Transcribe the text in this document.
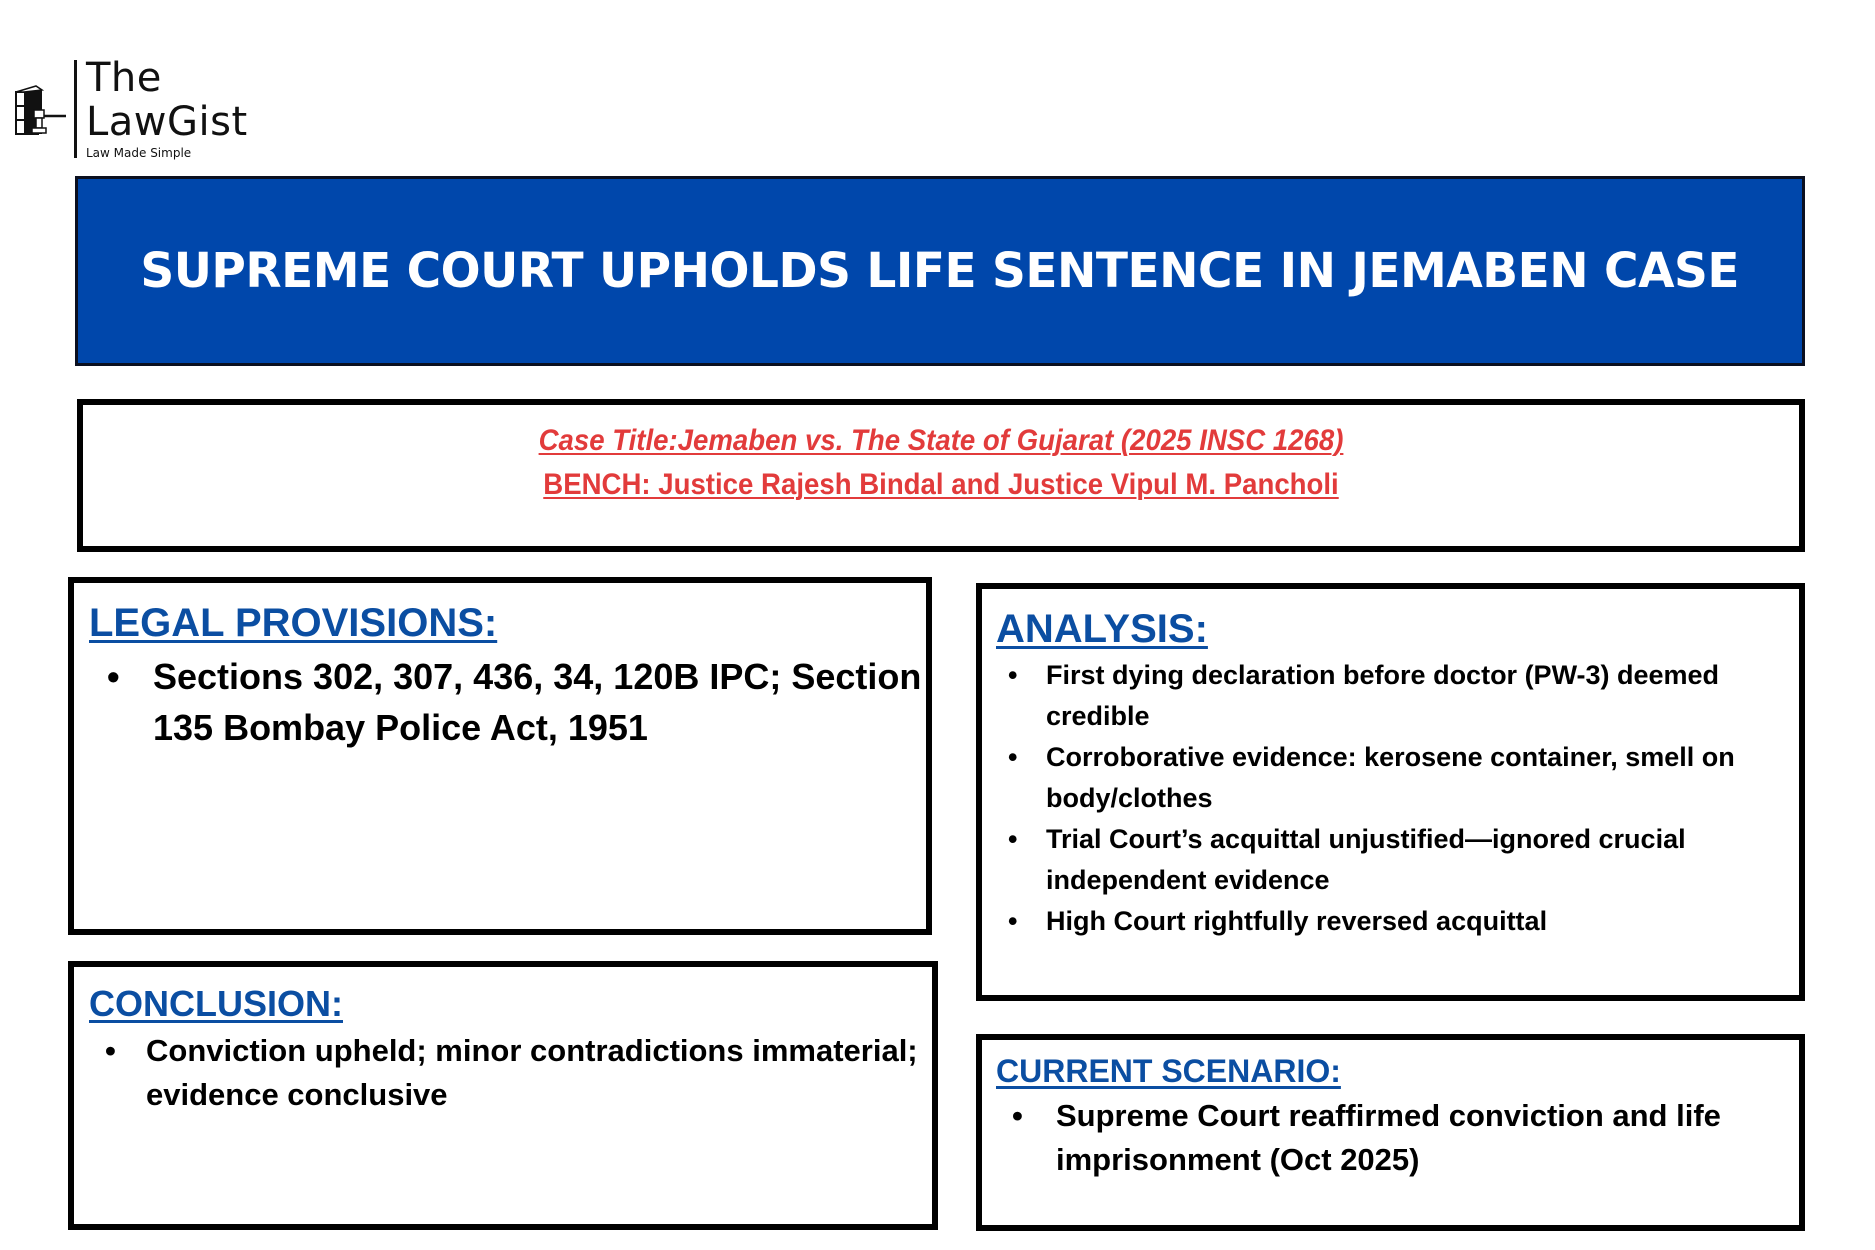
The
LawGist
Law Made Simple
SUPREME COURT UPHOLDS LIFE SENTENCE IN JEMABEN CASE
Case Title:Jemaben vs. The State of Gujarat (2025 INSC 1268)
BENCH: Justice Rajesh Bindal and Justice Vipul M. Pancholi
LEGAL PROVISIONS:
• Sections 302, 307, 436, 34, 120B IPC; Section 135 Bombay Police Act, 1951
CONCLUSION:
• Conviction upheld; minor contradictions immaterial; evidence conclusive
ANALYSIS:
• First dying declaration before doctor (PW-3) deemed credible
• Corroborative evidence: kerosene container, smell on body/clothes
• Trial Court’s acquittal unjustified—ignored crucial independent evidence
• High Court rightfully reversed acquittal
CURRENT SCENARIO:
• Supreme Court reaffirmed conviction and life imprisonment (Oct 2025)
